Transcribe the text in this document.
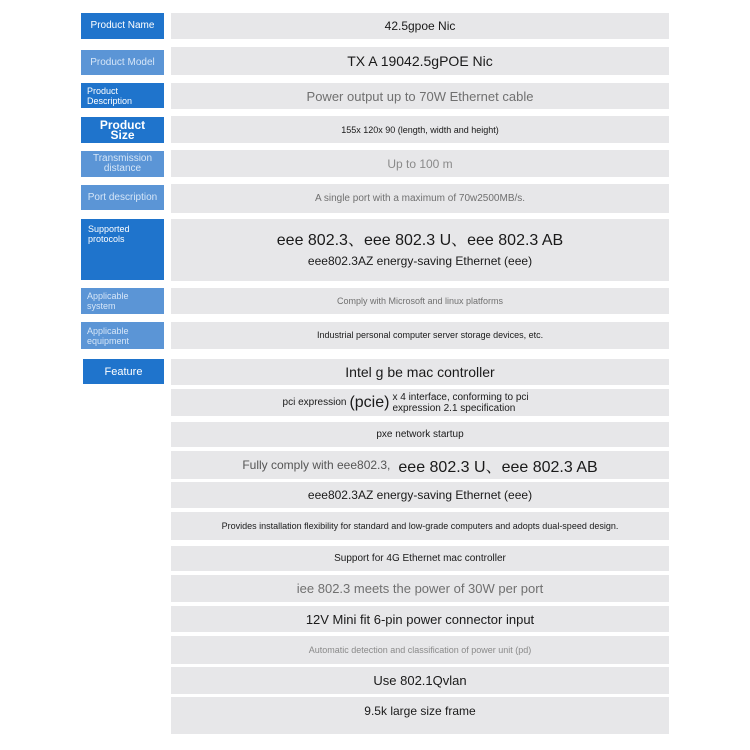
Product Name
Product Model
Product Description
Product Size
Transmission distance
Port description
Supported protocols
Applicable system
Applicable equipment
Feature
42.5gpoe Nic
TX A 19042.5gPOE Nic
Power output up to 70W Ethernet cable
155x 120x 90 (length, width and height)
Up to 100 m
A single port with a maximum of 70w2500MB/s.
eee 802.3、eee 802.3 U、eee 802.3 AB
eee802.3AZ energy-saving Ethernet (eee)
Comply with Microsoft and linux platforms
Industrial personal computer server storage devices, etc.
Intel g be mac controller
pci expression (pcie) x 4 interface, conforming to pci expression 2.1 specification
pxe network startup
Fully comply with eee802.3, eee 802.3 U、eee 802.3 AB
eee802.3AZ energy-saving Ethernet (eee)
Provides installation flexibility for standard and low-grade computers and adopts dual-speed design.
Support for 4G Ethernet mac controller
iee 802.3 meets the power of 30W per port
12V Mini fit 6-pin power connector input
Automatic detection and classification of power unit (pd)
Use 802.1Qvlan
9.5k large size frame
